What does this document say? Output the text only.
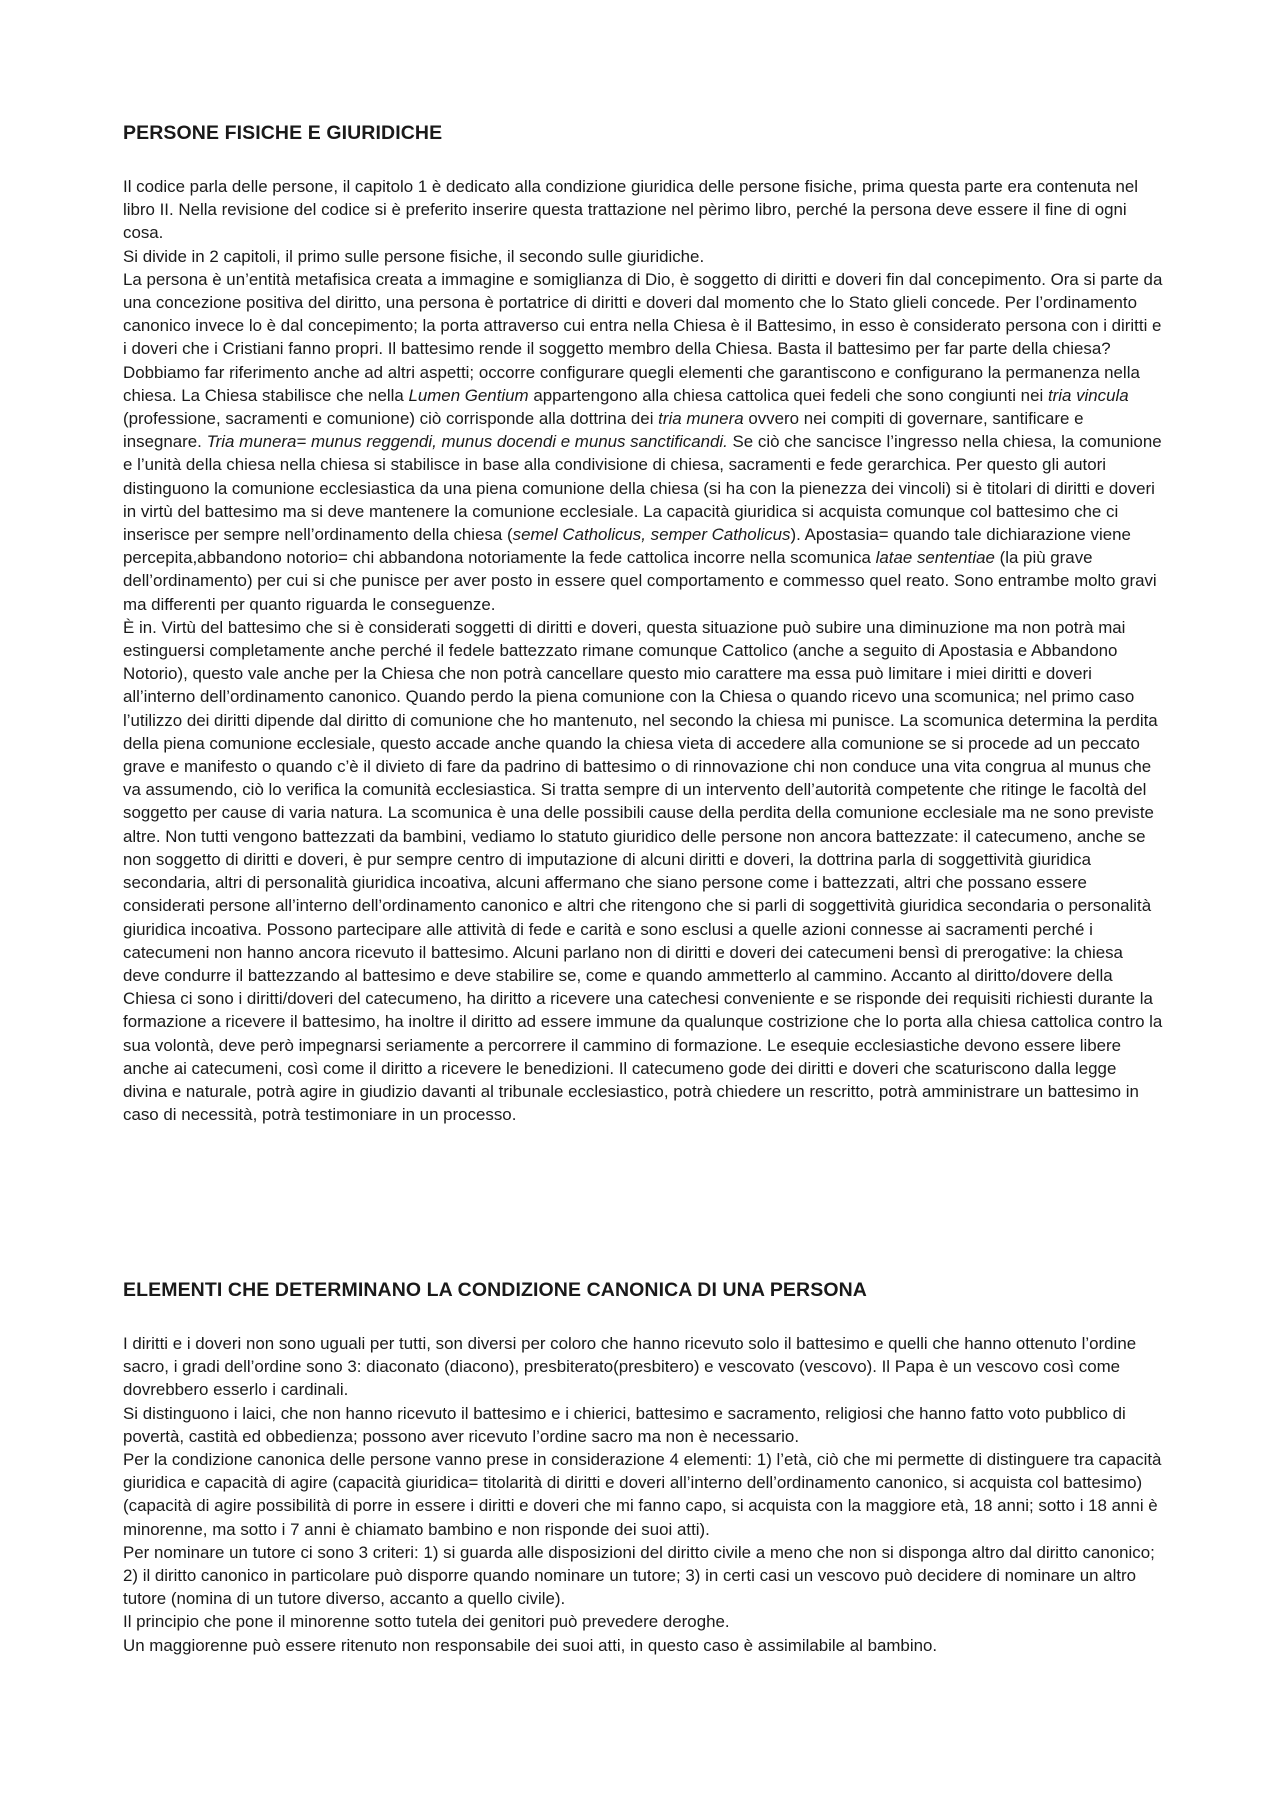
PERSONE FISICHE E GIURIDICHE

Il codice parla delle persone, il capitolo 1 è dedicato alla condizione giuridica delle persone fisiche, prima questa parte era contenuta nel libro II. Nella revisione del codice si è preferito inserire questa trattazione nel pèrimo libro, perché la persona deve essere il fine di ogni cosa.

Si divide in 2 capitoli, il primo sulle persone fisiche, il secondo sulle giuridiche.

La persona è un’entità metafisica creata a immagine e somiglianza di Dio, è soggetto di diritti e doveri fin dal concepimento. Ora si parte da una concezione positiva del diritto, una persona è portatrice di diritti e doveri dal momento che lo Stato glieli concede. Per l’ordinamento canonico invece lo è dal concepimento; la porta attraverso cui entra nella Chiesa è il Battesimo, in esso è considerato persona con i diritti e i doveri che i Cristiani fanno propri. Il battesimo rende il soggetto membro della Chiesa. Basta il battesimo per far parte della chiesa? Dobbiamo far riferimento anche ad altri aspetti; occorre configurare quegli elementi che garantiscono e configurano la permanenza nella chiesa. La Chiesa stabilisce che nella Lumen Gentium appartengono alla chiesa cattolica quei fedeli che sono congiunti nei tria vincula (professione, sacramenti e comunione) ciò corrisponde alla dottrina dei tria munera ovvero nei compiti di governare, santificare e insegnare. Tria munera= munus reggendi, munus docendi e munus sanctificandi. Se ciò che sancisce l’ingresso nella chiesa, la comunione e l’unità della chiesa nella chiesa si stabilisce in base alla condivisione di chiesa, sacramenti e fede gerarchica. Per questo gli autori distinguono la comunione ecclesiastica da una piena comunione della chiesa (si ha con la pienezza dei vincoli) si è titolari di diritti e doveri in virtù del battesimo ma si deve mantenere la comunione ecclesiale. La capacità giuridica si acquista comunque col battesimo che ci inserisce per sempre nell’ordinamento della chiesa (semel Catholicus, semper Catholicus). Apostasia= quando tale dichiarazione viene percepita,abbandono notorio= chi abbandona notoriamente la fede cattolica incorre nella scomunica latae sententiae (la più grave dell’ordinamento) per cui si che punisce per aver posto in essere quel comportamento e commesso quel reato. Sono entrambe molto gravi ma differenti per quanto riguarda le conseguenze.

È in. Virtù del battesimo che si è considerati soggetti di diritti e doveri, questa situazione può subire una diminuzione ma non potrà mai estinguersi completamente anche perché il fedele battezzato rimane comunque Cattolico (anche a seguito di Apostasia e Abbandono Notorio), questo vale anche per la Chiesa che non potrà cancellare questo mio carattere ma essa può limitare i miei diritti e doveri all’interno dell’ordinamento canonico. Quando perdo la piena comunione con la Chiesa o quando ricevo una scomunica; nel primo caso l’utilizzo dei diritti dipende dal diritto di comunione che ho mantenuto, nel secondo la chiesa mi punisce. La scomunica determina la perdita della piena comunione ecclesiale, questo accade anche quando la chiesa vieta di accedere alla comunione se si procede ad un peccato grave e manifesto o quando c’è il divieto di fare da padrino di battesimo o di rinnovazione chi non conduce una vita congrua al munus che va assumendo, ciò lo verifica la comunità ecclesiastica. Si tratta sempre di un intervento dell’autorità competente che ritinge le facoltà del soggetto per cause di varia natura. La scomunica è una delle possibili cause della perdita della comunione ecclesiale ma ne sono previste altre. Non tutti vengono battezzati da bambini, vediamo lo statuto giuridico delle persone non ancora battezzate: il catecumeno, anche se non soggetto di diritti e doveri, è pur sempre centro di imputazione di alcuni diritti e doveri, la dottrina parla di soggettività giuridica secondaria, altri di personalità giuridica incoativa, alcuni affermano che siano persone come i battezzati, altri che possano essere considerati persone all’interno dell’ordinamento canonico e altri che ritengono che si parli di soggettività giuridica secondaria o personalità giuridica incoativa. Possono partecipare alle attività di fede e carità e sono esclusi a quelle azioni connesse ai sacramenti perché i catecumeni non hanno ancora ricevuto il battesimo. Alcuni parlano non di diritti e doveri dei catecumeni bensì di prerogative: la chiesa deve condurre il battezzando al battesimo e deve stabilire se, come e quando ammetterlo al cammino. Accanto al diritto/dovere della Chiesa ci sono i diritti/doveri del catecumeno, ha diritto a ricevere una catechesi conveniente e se risponde dei requisiti richiesti durante la formazione a ricevere il battesimo, ha inoltre il diritto ad essere immune da qualunque costrizione che lo porta alla chiesa cattolica contro la sua volontà, deve però impegnarsi seriamente a percorrere il cammino di formazione. Le esequie ecclesiastiche devono essere libere anche ai catecumeni, così come il diritto a ricevere le benedizioni. Il catecumeno gode dei diritti e doveri che scaturiscono dalla legge divina e naturale, potrà agire in giudizio davanti al tribunale ecclesiastico, potrà chiedere un rescritto, potrà amministrare un battesimo in caso di necessità, potrà testimoniare in un processo.

ELEMENTI CHE DETERMINANO LA CONDIZIONE CANONICA DI UNA PERSONA

I diritti e i doveri non sono uguali per tutti, son diversi per coloro che hanno ricevuto solo il battesimo e quelli che hanno ottenuto l’ordine sacro, i gradi dell’ordine sono 3: diaconato (diacono), presbiterato(presbitero) e vescovato (vescovo). Il Papa è un vescovo così come dovrebbero esserlo i cardinali.

Si distinguono i laici, che non hanno ricevuto il battesimo e i chierici, battesimo e sacramento, religiosi che hanno fatto voto pubblico di povertà, castità ed obbedienza; possono aver ricevuto l’ordine sacro ma non è necessario.

Per la condizione canonica delle persone vanno prese in considerazione 4 elementi: 1) l’età, ciò che mi permette di distinguere tra capacità giuridica e capacità di agire (capacità giuridica= titolarità di diritti e doveri all’interno dell’ordinamento canonico, si acquista col battesimo) (capacità di agire possibilità di porre in essere i diritti e doveri che mi fanno capo, si acquista con la maggiore età, 18 anni; sotto i 18 anni è minorenne, ma sotto i 7 anni è chiamato bambino e non risponde dei suoi atti).

Per nominare un tutore ci sono 3 criteri: 1) si guarda alle disposizioni del diritto civile a meno che non si disponga altro dal diritto canonico; 2) il diritto canonico in particolare può disporre quando nominare un tutore; 3) in certi casi un vescovo può decidere di nominare un altro tutore (nomina di un tutore diverso, accanto a quello civile).

Il principio che pone il minorenne sotto tutela dei genitori può prevedere deroghe.

Un maggiorenne può essere ritenuto non responsabile dei suoi atti, in questo caso è assimilabile al bambino.
